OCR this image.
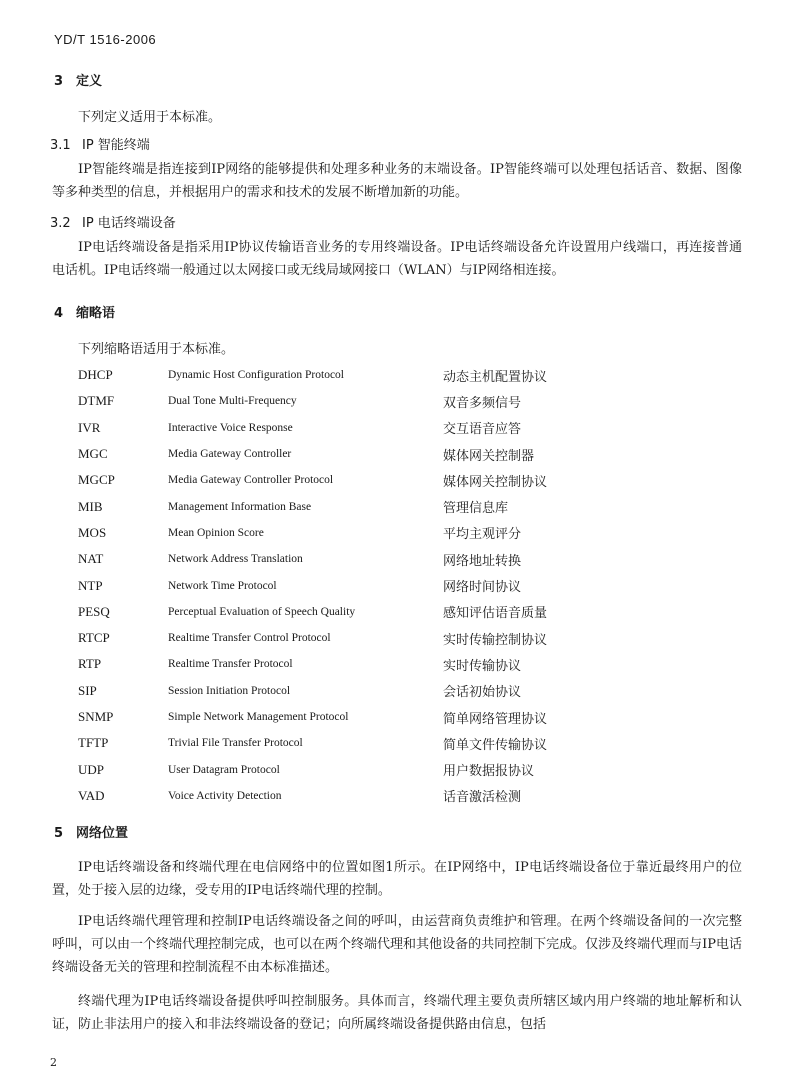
YD/T 1516-2006
3 定义
下列定义适用于本标准。
3.1 IP 智能终端
IP智能终端是指连接到IP网络的能够提供和处理多种业务的末端设备。IP智能终端可以处理包括话音、数据、图像等多种类型的信息，并根据用户的需求和技术的发展不断增加新的功能。
3.2 IP 电话终端设备
IP电话终端设备是指采用IP协议传输语音业务的专用终端设备。IP电话终端设备允许设置用户线端口，再连接普通电话机。IP电话终端一般通过以太网接口或无线局域网接口（WLAN）与IP网络相连接。
4 缩略语
下列缩略语适用于本标准。
DHCP	Dynamic Host Configuration Protocol	动态主机配置协议
DTMF	Dual Tone Multi-Frequency	双音多频信号
IVR	Interactive Voice Response	交互语音应答
MGC	Media Gateway Controller	媒体网关控制器
MGCP	Media Gateway Controller Protocol	媒体网关控制协议
MIB	Management Information Base	管理信息库
MOS	Mean Opinion Score	平均主观评分
NAT	Network Address Translation	网络地址转换
NTP	Network Time Protocol	网络时间协议
PESQ	Perceptual Evaluation of Speech Quality	感知评估语音质量
RTCP	Realtime Transfer Control Protocol	实时传输控制协议
RTP	Realtime Transfer Protocol	实时传输协议
SIP	Session Initiation Protocol	会话初始协议
SNMP	Simple Network Management Protocol	简单网络管理协议
TFTP	Trivial File Transfer Protocol	简单文件传输协议
UDP	User Datagram Protocol	用户数据报协议
VAD	Voice Activity Detection	话音激活检测
5 网络位置
IP电话终端设备和终端代理在电信网络中的位置如图1所示。在IP网络中，IP电话终端设备位于靠近最终用户的位置，处于接入层的边缘，受专用的IP电话终端代理的控制。
IP电话终端代理管理和控制IP电话终端设备之间的呼叫，由运营商负责维护和管理。在两个终端设备间的一次完整呼叫，可以由一个终端代理控制完成，也可以在两个终端代理和其他设备的共同控制下完成。仅涉及终端代理而与IP电话终端设备无关的管理和控制流程不由本标准描述。
终端代理为IP电话终端设备提供呼叫控制服务。具体而言，终端代理主要负责所辖区域内用户终端的地址解析和认证，防止非法用户的接入和非法终端设备的登记；向所属终端设备提供路由信息，包括
2
